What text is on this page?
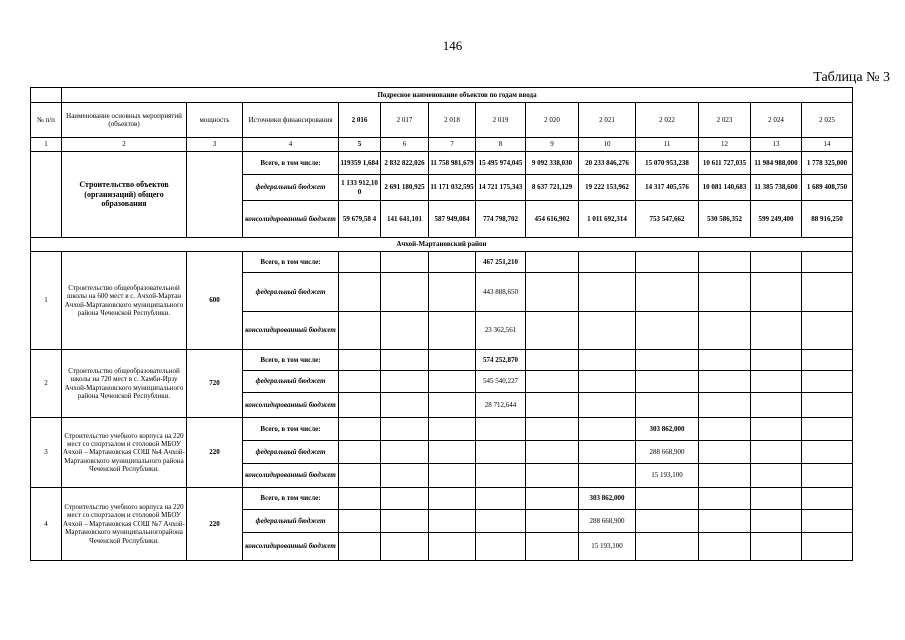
146
Таблица № 3
	Подресное наименование объектов по годам ввода												
№ п/п	Наименование основных мероприятий (объектов)	мощность	Источники финансирования	2 016	2 017	2 018	2 019	2 020	2 021	2 022	2 023	2 024	2 025
1	2	3	4	5	6	7	8	9	10	11	12	13	14
	Строительство объектов (организаций) общего образования		Всего, в том числе:	119359 1,684	2 832 822,026	11 758 981,679	15 495 974,045	9 092 338,030	20 233 846,276	15 070 953,238	10 611 727,035	11 984 988,000	1 778 325,000
			федеральный бюджет	1 133 912,10 0	2 691 180,925	11 171 032,595	14 721 175,343	8 637 721,129	19 222 153,962	14 317 405,576	10 081 140,683	11 385 738,600	1 689 408,750
			консолидированный бюджет	59 679,58 4	141 641,101	587 949,084	774 798,702	454 616,902	1 011 692,314	753 547,662	530 586,352	599 249,400	88 916,250
Ачхой-Мартановский район													
1	Строительство общеобразовательной школы на 600 мест в с. Ачхой-Мартан Ачхой-Мартановского муниципального района Чеченской Республики.	600	Всего, в том числе:				467 251,210						
			федеральный бюджет				443 888,650						
			консолидированный бюджет				23 362,561						
2	Строительство общеобразовательной школы на 720 мест в с. Хамби-Ирзу Ачхой-Мартановского муниципального района Чеченской Республики.	720	Всего, в том числе:				574 252,870						
			федеральный бюджет				545 540,227						
			консолидированный бюджет				28 712,644						
3	Строительство учебного корпуса на 220 мест со спортзалом и столовой МБОУ Ачхой – Мартановская СОШ №4 Ачхой-Мартановского муниципального района Чеченской Республики.	220	Всего, в том числе:							303 862,000			
			федеральный бюджет							288 668,900			
			консолидированный бюджет							15 193,100			
4	Строительство учебного корпуса на 220 мест со спортзалом и столовой МБОУ Ачхой – Мартановская СОШ №7 Ачхой-Мартановского муниципальногорайона Чеченской Республики.	220	Всего, в том числе:						303 862,000				
			федеральный бюджет						288 668,900				
			консолидированный бюджет						15 193,100				
